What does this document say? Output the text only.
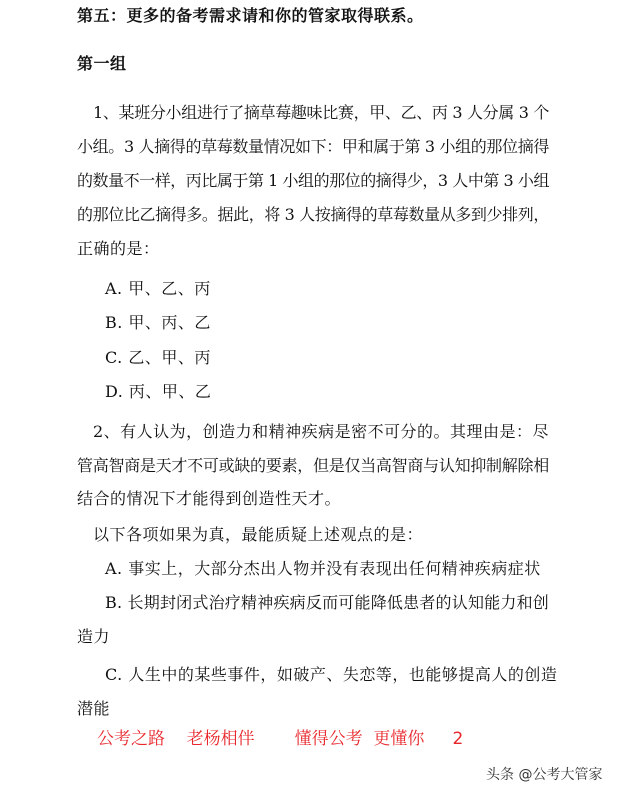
第五：更多的备考需求请和你的管家取得联系。
第一组
1、某班分小组进行了摘草莓趣味比赛，甲、乙、丙 3 人分属 3 个
小组。3 人摘得的草莓数量情况如下：甲和属于第 3 小组的那位摘得
的数量不一样，丙比属于第 1 小组的那位的摘得少，3 人中第 3 小组
的那位比乙摘得多。据此，将 3 人按摘得的草莓数量从多到少排列，
正确的是：
A. 甲、乙、丙
B. 甲、丙、乙
C. 乙、甲、丙
D. 丙、甲、乙
2、有人认为，创造力和精神疾病是密不可分的。其理由是：尽
管高智商是天才不可或缺的要素，但是仅当高智商与认知抑制解除相
结合的情况下才能得到创造性天才。
以下各项如果为真，最能质疑上述观点的是：
A. 事实上，大部分杰出人物并没有表现出任何精神疾病症状
B. 长期封闭式治疗精神疾病反而可能降低患者的认知能力和创
造力
C. 人生中的某些事件，如破产、失恋等，也能够提高人的创造
潜能
公考之路    老杨相伴 懂得公考  更懂你 2
头条 @公考大管家
